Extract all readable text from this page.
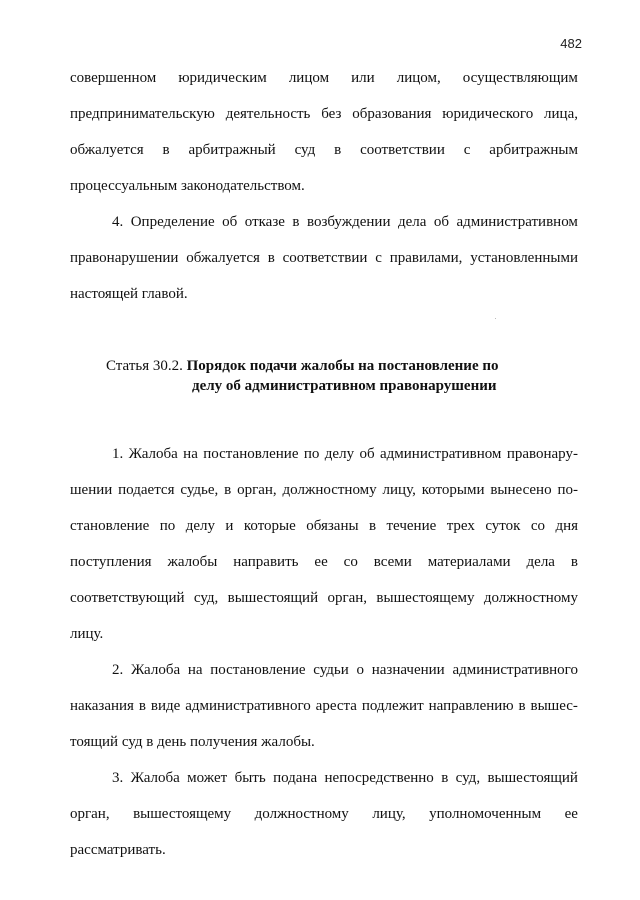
482
совершенном юридическим лицом или лицом, осуществляющим
предпринимательскую деятельность без образования юридического лица,
обжалуется в арбитражный суд в соответствии с арбитражным
процессуальным законодательством.
4. Определение об отказе в возбуждении дела об административном
правонарушении обжалуется в соответствии с правилами, установленными
настоящей главой.
Статья 30.2. Порядок подачи жалобы на постановление по
делу об административном правонарушении
1. Жалоба на постановление по делу об административном правонару-
шении подается судье, в орган, должностному лицу, которыми вынесено по-
становление по делу и которые обязаны в течение трех суток со дня
поступления жалобы направить ее со всеми материалами дела в
соответствующий суд, вышестоящий орган, вышестоящему должностному
лицу.
2. Жалоба на постановление судьи о назначении административного
наказания в виде административного ареста подлежит направлению в вышес-
тоящий суд в день получения жалобы.
3. Жалоба может быть подана непосредственно в суд, вышестоящий
орган, вышестоящему должностному лицу, уполномоченным ее
рассматривать.
